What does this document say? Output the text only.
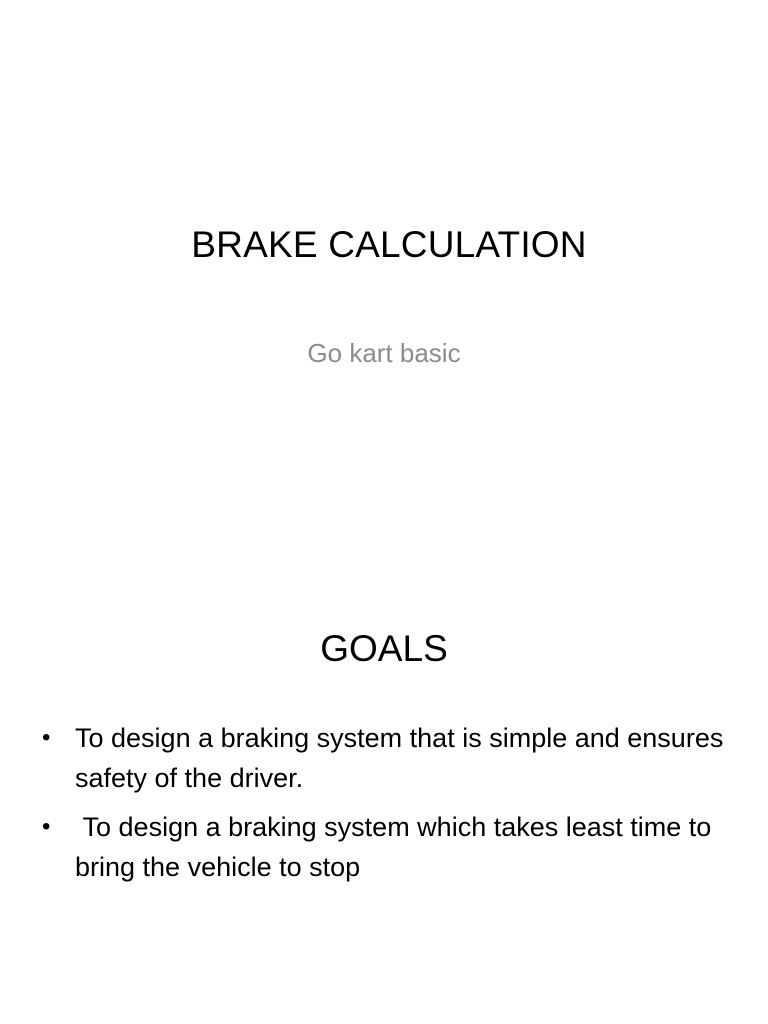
BRAKE CALCULATION

Go kart basic

GOALS
• To design a braking system that is simple and ensures safety of the driver.
• To design a braking system which takes least time to bring the vehicle to stop
